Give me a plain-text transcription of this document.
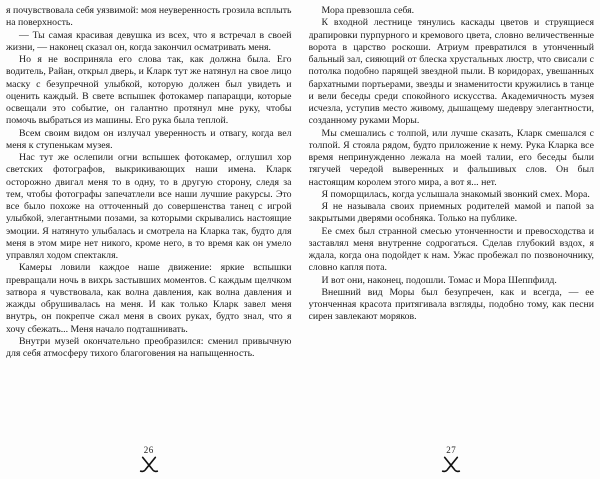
я почувствовала себя уязвимой: моя неуверенность грозила всплыть на поверхность.

— Ты самая красивая девушка из всех, что я встречал в своей жизни, — наконец сказал он, когда закончил осматривать меня.

Но я не восприняла его слова так, как должна была. Его водитель, Райан, открыл дверь, и Кларк тут же натянул на свое лицо маску с безупречной улыбкой, которую должен был увидеть и оценить каждый. В свете вспышек фотокамер папарацци, которые освещали это событие, он галантно протянул мне руку, чтобы помочь выбраться из машины. Его рука была теплой.

Всем своим видом он излучал уверенность и отвагу, когда вел меня к ступенькам музея.

Нас тут же ослепили огни вспышек фотокамер, оглушил хор светских фотографов, выкрикивающих наши имена. Кларк осторожно двигал меня то в одну, то в другую сторону, следя за тем, чтобы фотографы запечатлели все наши лучшие ракурсы. Это все было похоже на отточенный до совершенства танец с игрой улыбкой, элегантными позами, за которыми скрывались настоящие эмоции. Я натянуто улыбалась и смотрела на Кларка так, будто для меня в этом мире нет никого, кроме него, в то время как он умело управлял ходом спектакля.

Камеры ловили каждое наше движение: яркие вспышки превращали ночь в вихрь застывших моментов. С каждым щелчком затвора я чувствовала, как волна давления, как волна давления и жажды обрушивалась на меня. И как только Кларк завел меня внутрь, он покрепче сжал меня в своих руках, будто знал, что я хочу сбежать... Меня начало подташнивать.

Внутри музей окончательно преобразился: сменил привычную для себя атмосферу тихого благоговения на напыщенность.

26

Мора превзошла себя.

К входной лестнице тянулись каскады цветов и струящиеся драпировки пурпурного и кремового цвета, словно величественные ворота в царство роскоши. Атриум превратился в утонченный бальный зал, сияющий от блеска хрустальных люстр, что свисали с потолка подобно парящей звездной пыли. В коридорах, увешанных бархатными портьерами, звезды и знаменитости кружились в танце и вели беседы среди спокойного искусства. Академичность музея исчезла, уступив место живому, дышащему шедевру элегантности, созданному руками Моры.

Мы смешались с толпой, или лучше сказать, Кларк смешался с толпой. Я стояла рядом, будто приложение к нему. Рука Кларка все время непринужденно лежала на моей талии, его беседы были тягучей чередой выверенных и фальшивых слов. Он был настоящим королем этого мира, а вот я... нет.

Я поморщилась, когда услышала знакомый звонкий смех. Мора.

Я не называла своих приемных родителей мамой и папой за закрытыми дверями особняка. Только на публике.

Ее смех был странной смесью утонченности и превосходства и заставлял меня внутренне содрогаться. Сделав глубокий вздох, я ждала, когда она подойдет к нам. Ужас пробежал по позвоночнику, словно капля пота.

И вот они, наконец, подошли. Томас и Мора Шеппфилд.

Внешний вид Моры был безупречен, как и всегда, — ее утонченная красота притягивала взгляды, подобно тому, как песни сирен завлекают моряков.

27
